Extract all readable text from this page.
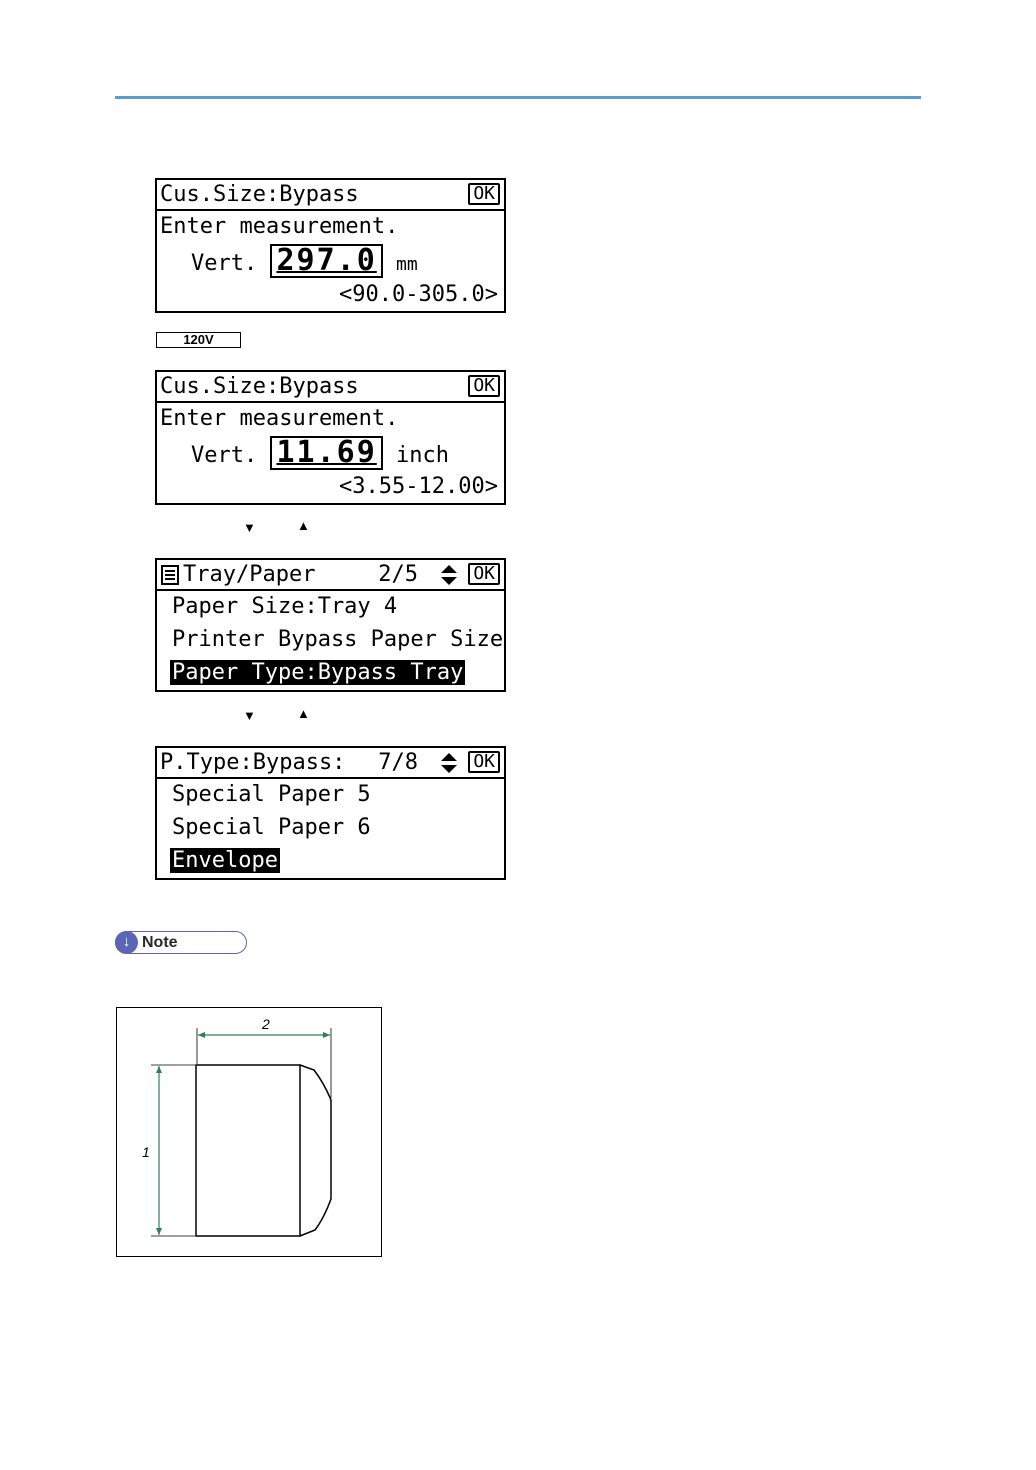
Cus.Size:Bypass	OK
Enter measurement.
Vert. 297.0 mm
<90.0-305.0>
120V
Cus.Size:Bypass	OK
Enter measurement.
Vert. 11.69 inch
<3.55-12.00>
▼	▲
Tray/Paper	2/5	OK
Paper Size:Tray 4
Printer Bypass Paper Size
Paper Type:Bypass Tray
▼	▲
P.Type:Bypass: 7/8	OK
Special Paper 5
Special Paper 6
Envelope
↓ Note
2
1
